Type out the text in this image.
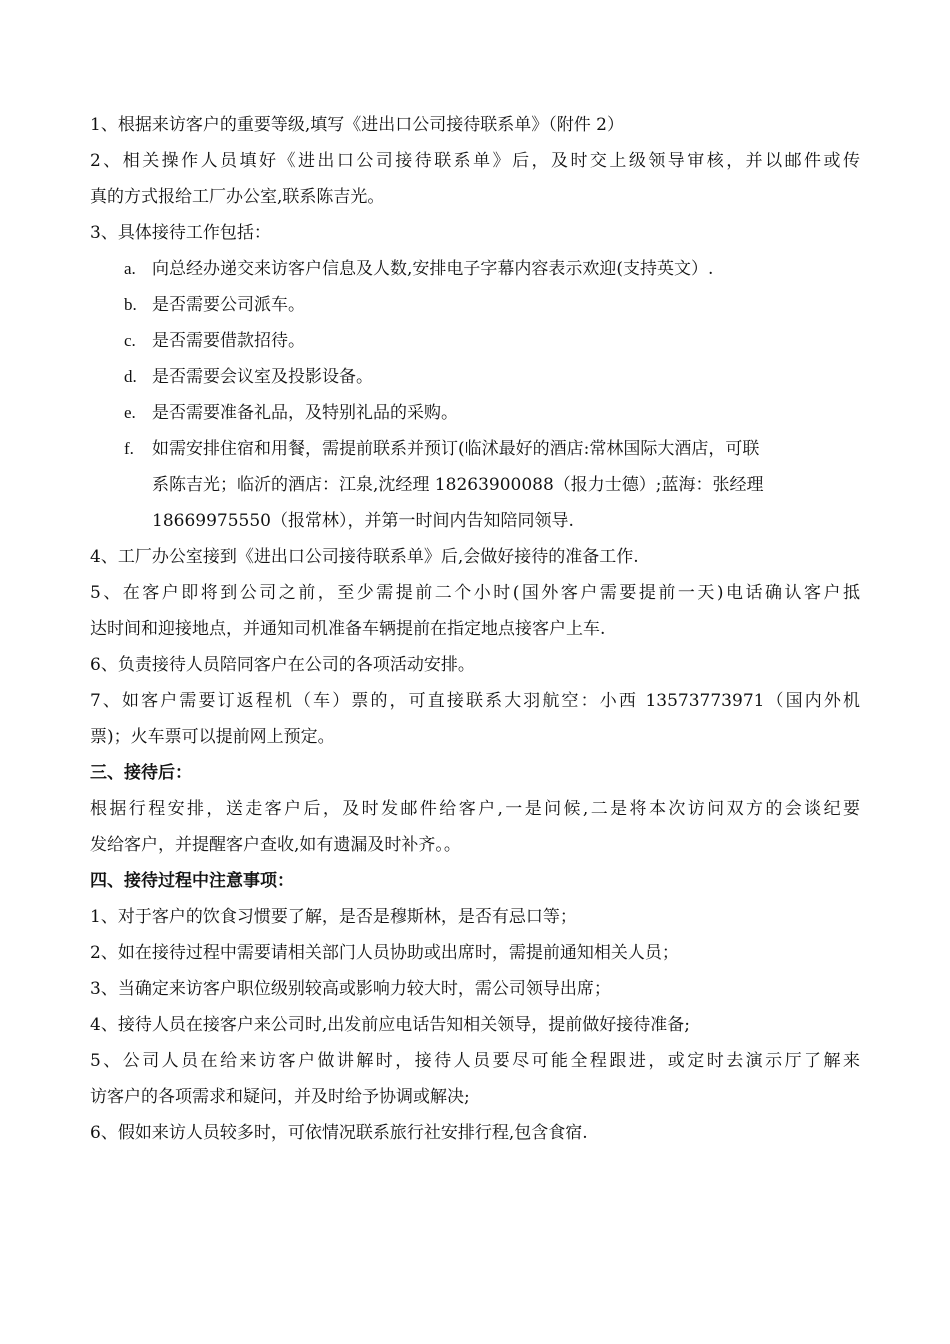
1、根据来访客户的重要等级,填写《进出口公司接待联系单》（附件 2）
2、相关操作人员填好《进出口公司接待联系单》后，及时交上级领导审核，并以邮件或传
真的方式报给工厂办公室,联系陈吉光。
3、具体接待工作包括：
a. 向总经办递交来访客户信息及人数,安排电子字幕内容表示欢迎(支持英文）.
b. 是否需要公司派车。
c. 是否需要借款招待。
d. 是否需要会议室及投影设备。
e. 是否需要准备礼品，及特别礼品的采购。
f. 如需安排住宿和用餐，需提前联系并预订(临沭最好的酒店:常林国际大酒店，可联
系陈吉光；临沂的酒店：江泉,沈经理 18263900088（报力士德）;蓝海：张经理
18669975550（报常林），并第一时间内告知陪同领导.
4、工厂办公室接到《进出口公司接待联系单》后,会做好接待的准备工作.
5、在客户即将到公司之前，至少需提前二个小时(国外客户需要提前一天)电话确认客户抵
达时间和迎接地点，并通知司机准备车辆提前在指定地点接客户上车.
6、负责接待人员陪同客户在公司的各项活动安排。
7、如客户需要订返程机（车）票的，可直接联系大羽航空：小西 13573773971（国内外机
票)；火车票可以提前网上预定。
三、接待后：
根据行程安排，送走客户后，及时发邮件给客户,一是问候,二是将本次访问双方的会谈纪要
发给客户，并提醒客户查收,如有遗漏及时补齐。。
四、接待过程中注意事项：
1、对于客户的饮食习惯要了解，是否是穆斯林，是否有忌口等；
2、如在接待过程中需要请相关部门人员协助或出席时，需提前通知相关人员；
3、当确定来访客户职位级别较高或影响力较大时，需公司领导出席；
4、接待人员在接客户来公司时,出发前应电话告知相关领导，提前做好接待准备;
5、公司人员在给来访客户做讲解时，接待人员要尽可能全程跟进，或定时去演示厅了解来
访客户的各项需求和疑问，并及时给予协调或解决;
6、假如来访人员较多时，可依情况联系旅行社安排行程,包含食宿.
